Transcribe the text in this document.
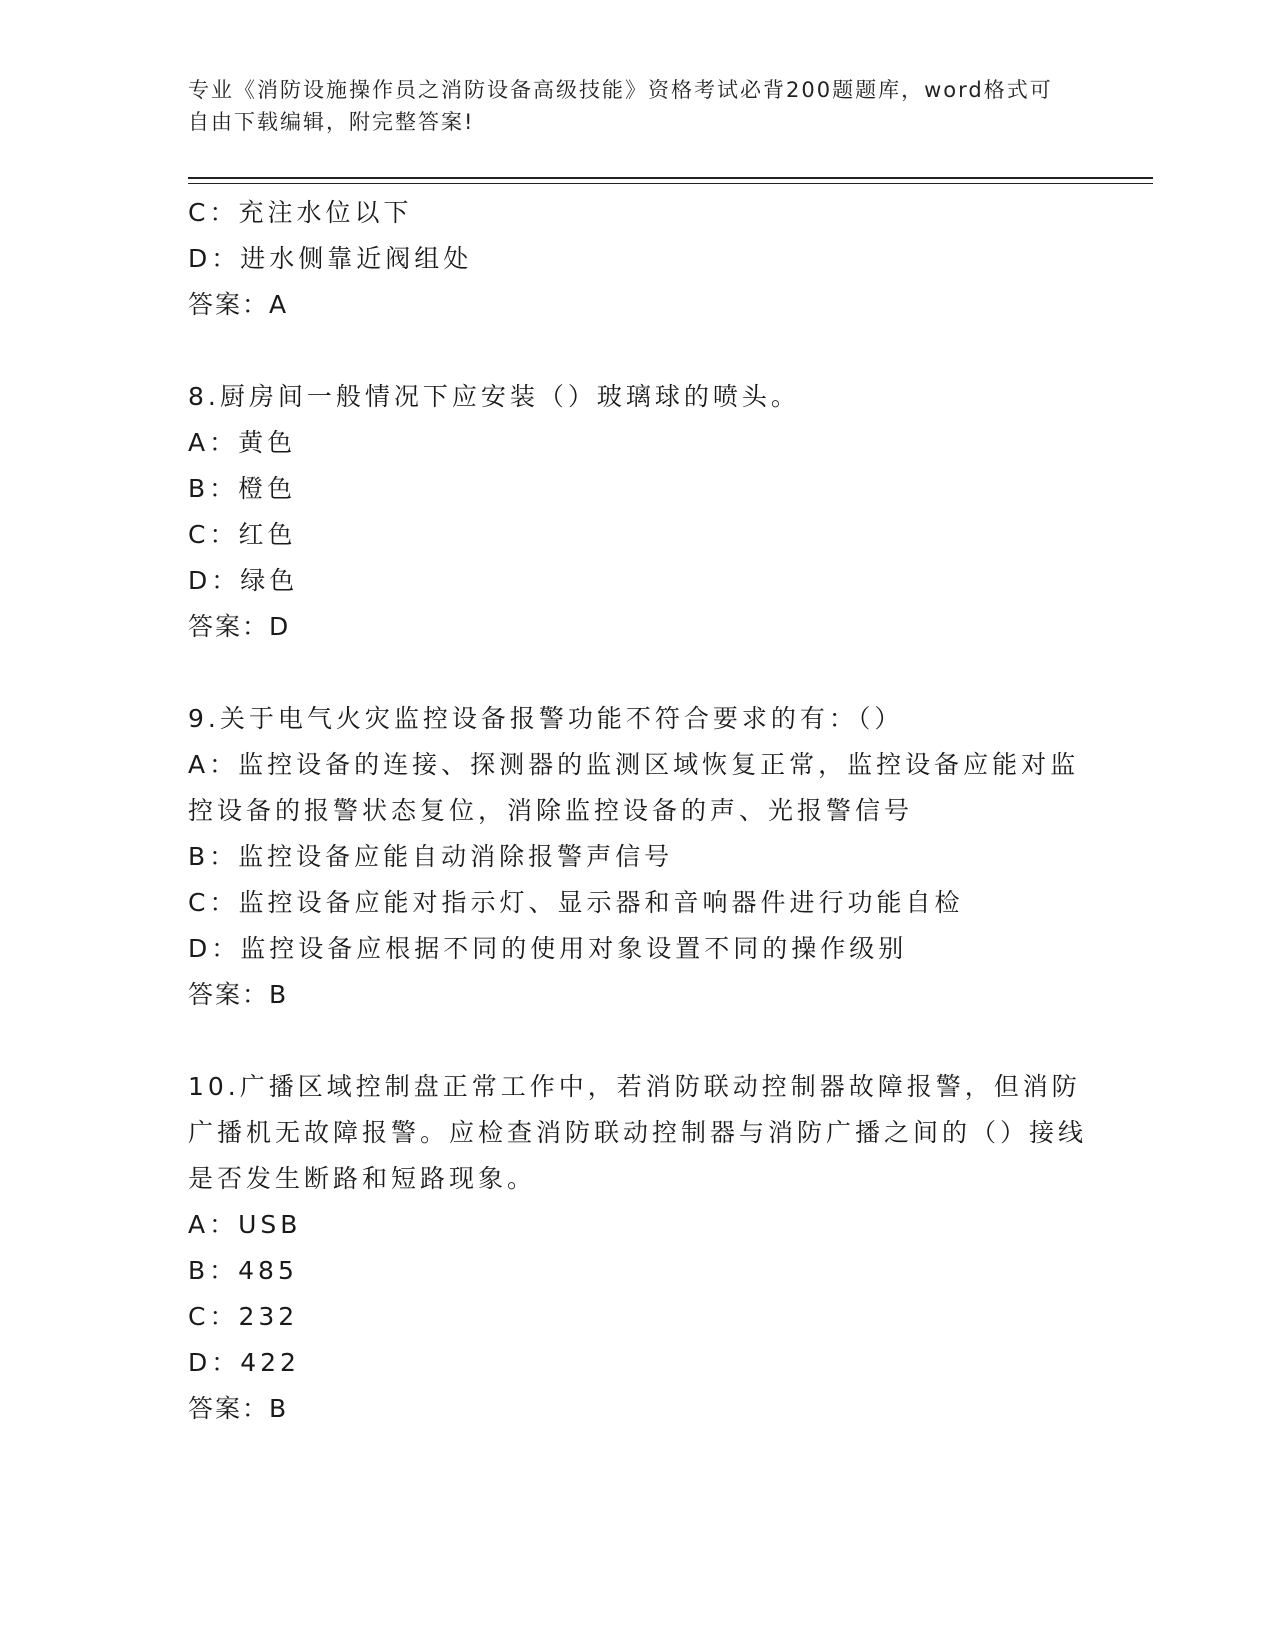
专业《消防设施操作员之消防设备高级技能》资格考试必背200题题库，word格式可自由下载编辑，附完整答案!
C：充注水位以下
D：进水侧靠近阀组处
答案：A
8.厨房间一般情况下应安装（）玻璃球的喷头。
A：黄色
B：橙色
C：红色
D：绿色
答案：D
9.关于电气火灾监控设备报警功能不符合要求的有：（）
A：监控设备的连接、探测器的监测区域恢复正常，监控设备应能对监控设备的报警状态复位，消除监控设备的声、光报警信号
B：监控设备应能自动消除报警声信号
C：监控设备应能对指示灯、显示器和音响器件进行功能自检
D：监控设备应根据不同的使用对象设置不同的操作级别
答案：B
10.广播区域控制盘正常工作中，若消防联动控制器故障报警，但消防广播机无故障报警。应检查消防联动控制器与消防广播之间的（）接线是否发生断路和短路现象。
A：USB
B：485
C：232
D：422
答案：B
